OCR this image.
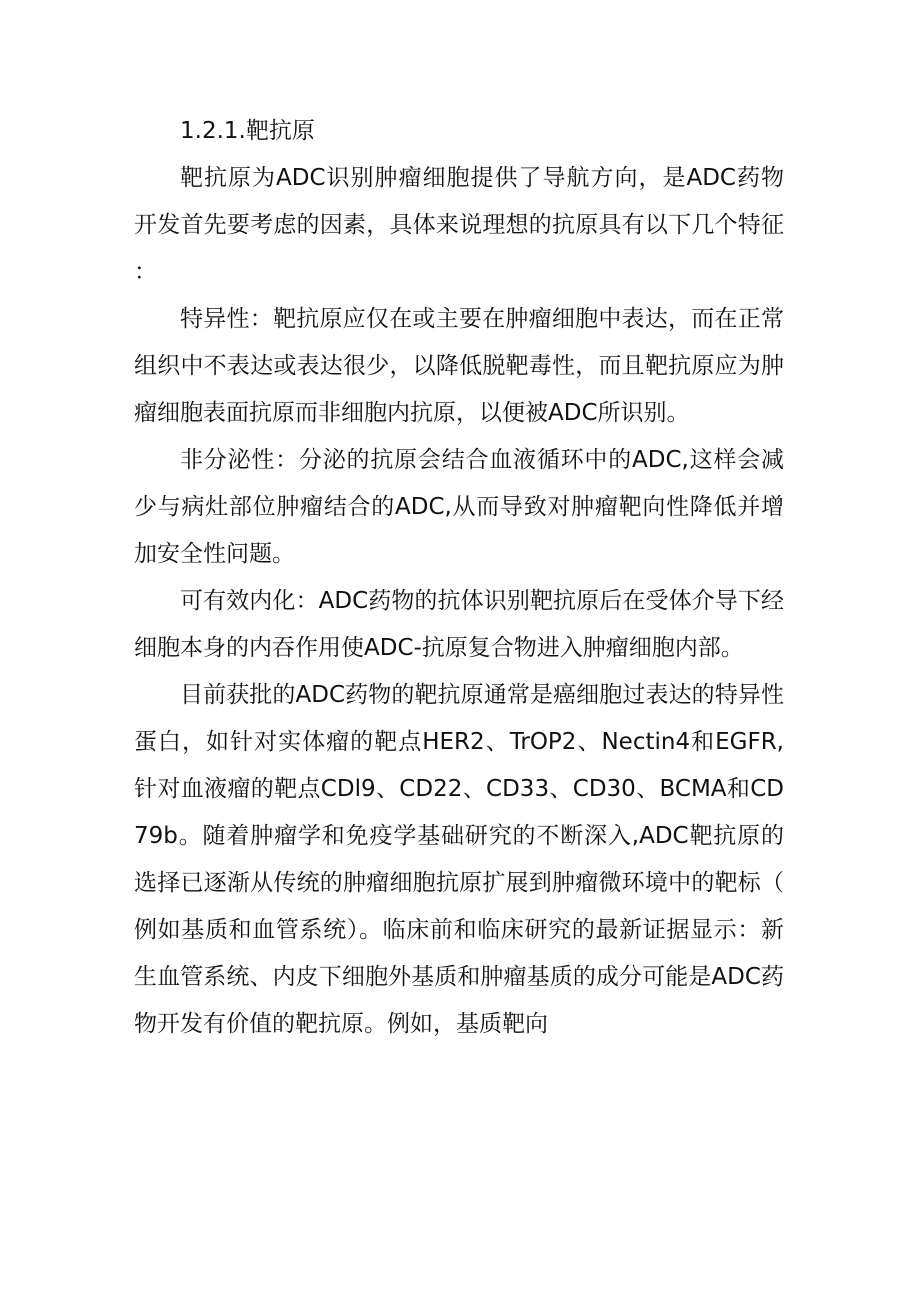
1.2.1.靶抗原

靶抗原为ADC识别肿瘤细胞提供了导航方向，是ADC药物开发首先要考虑的因素，具体来说理想的抗原具有以下几个特征：

特异性：靶抗原应仅在或主要在肿瘤细胞中表达，而在正常组织中不表达或表达很少，以降低脱靶毒性，而且靶抗原应为肿瘤细胞表面抗原而非细胞内抗原，以便被ADC所识别。

非分泌性：分泌的抗原会结合血液循环中的ADC,这样会减少与病灶部位肿瘤结合的ADC,从而导致对肿瘤靶向性降低并增加安全性问题。

可有效内化：ADC药物的抗体识别靶抗原后在受体介导下经细胞本身的内吞作用使ADC-抗原复合物进入肿瘤细胞内部。

目前获批的ADC药物的靶抗原通常是癌细胞过表达的特异性蛋白，如针对实体瘤的靶点HER2、TrOP2、Nectin4和EGFR,针对血液瘤的靶点CDl9、CD22、CD33、CD30、BCMA和CD79b。随着肿瘤学和免疫学基础研究的不断深入,ADC靶抗原的选择已逐渐从传统的肿瘤细胞抗原扩展到肿瘤微环境中的靶标（例如基质和血管系统）。临床前和临床研究的最新证据显示：新生血管系统、内皮下细胞外基质和肿瘤基质的成分可能是ADC药物开发有价值的靶抗原。例如，基质靶向
